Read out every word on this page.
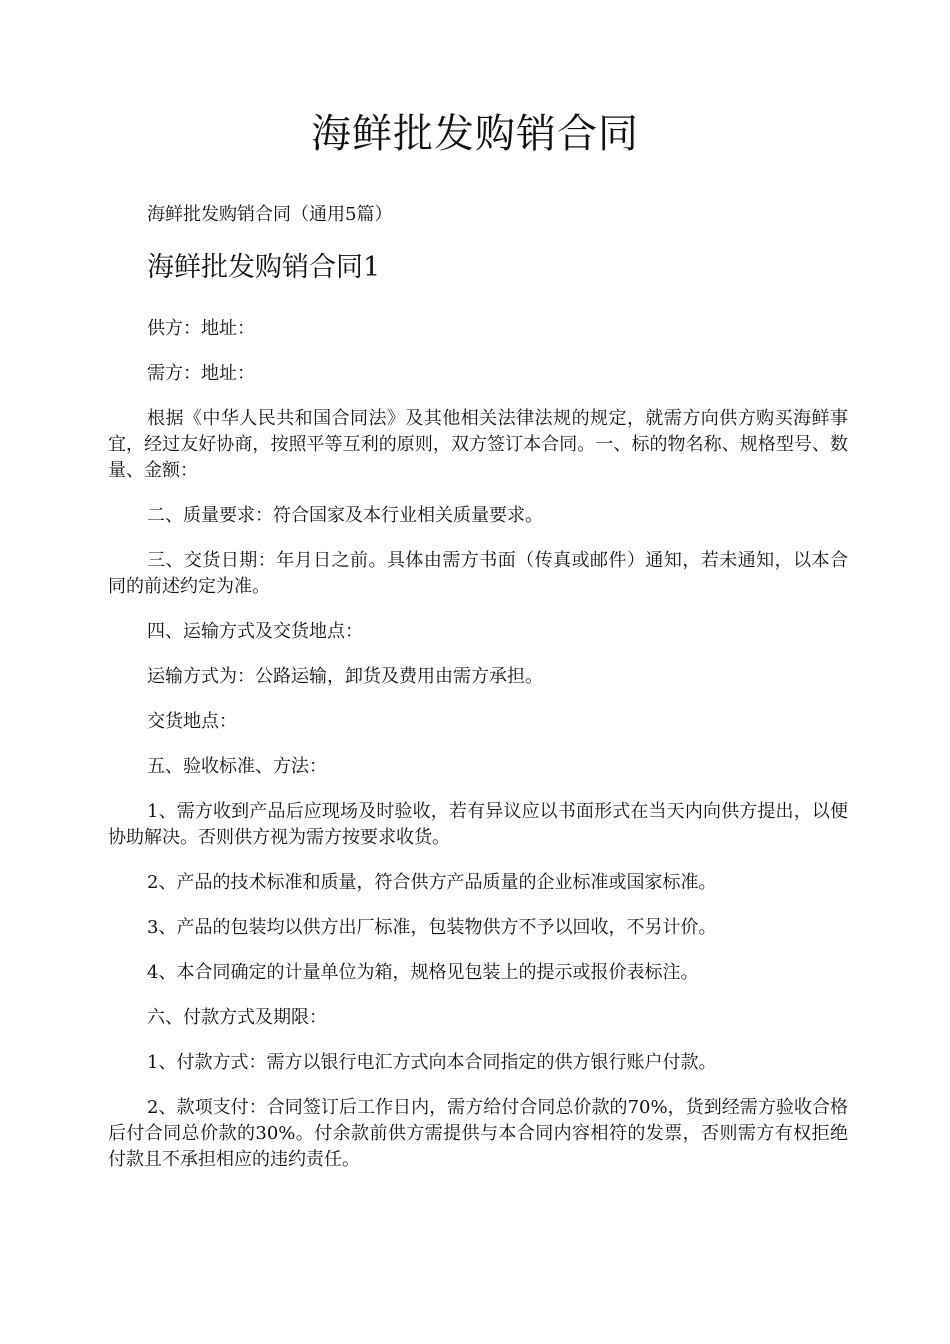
海鲜批发购销合同

海鲜批发购销合同（通用5篇）

海鲜批发购销合同1

供方：地址：

需方：地址：

根据《中华人民共和国合同法》及其他相关法律法规的规定，就需方向供方购买海鲜事宜，经过友好协商，按照平等互利的原则，双方签订本合同。一、标的物名称、规格型号、数量、金额：

二、质量要求：符合国家及本行业相关质量要求。

三、交货日期：年月日之前。具体由需方书面（传真或邮件）通知，若未通知，以本合同的前述约定为准。

四、运输方式及交货地点：

运输方式为：公路运输，卸货及费用由需方承担。

交货地点：

五、验收标准、方法：

1、需方收到产品后应现场及时验收，若有异议应以书面形式在当天内向供方提出，以便协助解决。否则供方视为需方按要求收货。

2、产品的技术标准和质量，符合供方产品质量的企业标准或国家标准。

3、产品的包装均以供方出厂标准，包装物供方不予以回收，不另计价。

4、本合同确定的计量单位为箱，规格见包装上的提示或报价表标注。

六、付款方式及期限：

1、付款方式：需方以银行电汇方式向本合同指定的供方银行账户付款。

2、款项支付：合同签订后工作日内，需方给付合同总价款的70%，货到经需方验收合格后付合同总价款的30%。付余款前供方需提供与本合同内容相符的发票，否则需方有权拒绝付款且不承担相应的违约责任。
